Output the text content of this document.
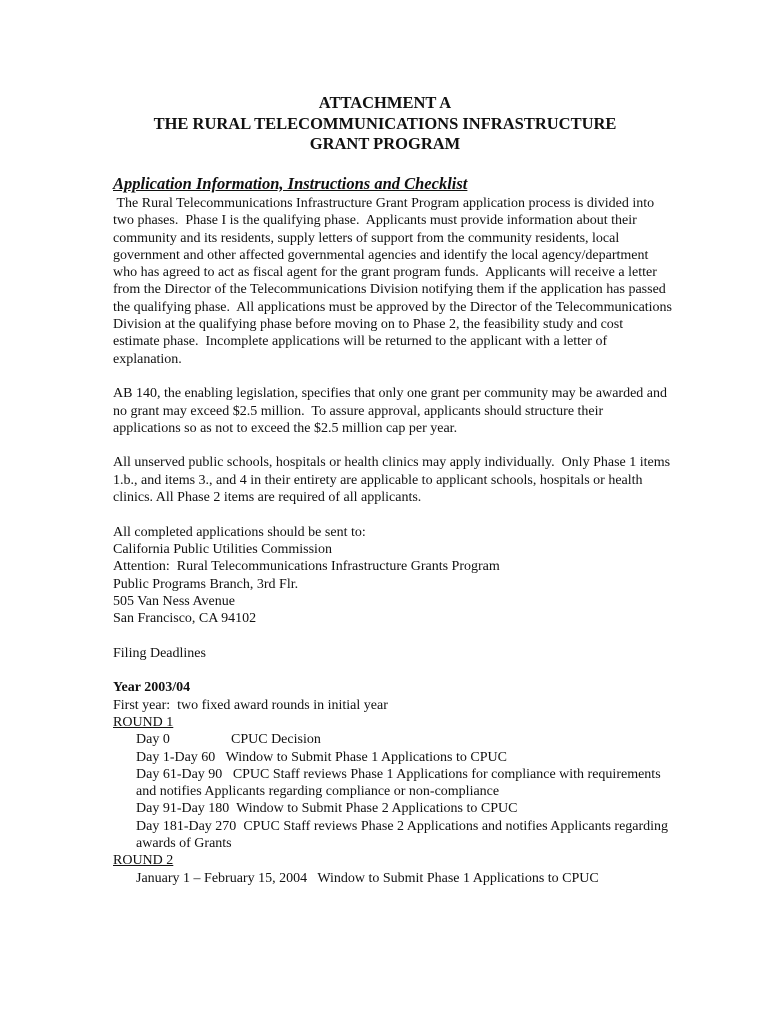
ATTACHMENT A
THE RURAL TELECOMMUNICATIONS INFRASTRUCTURE
GRANT PROGRAM
Application Information, Instructions and Checklist
The Rural Telecommunications Infrastructure Grant Program application process is divided into two phases.  Phase I is the qualifying phase.  Applicants must provide information about their community and its residents, supply letters of support from the community residents, local government and other affected governmental agencies and identify the local agency/department who has agreed to act as fiscal agent for the grant program funds.  Applicants will receive a letter from the Director of the Telecommunications Division notifying them if the application has passed the qualifying phase.  All applications must be approved by the Director of the Telecommunications Division at the qualifying phase before moving on to Phase 2, the feasibility study and cost estimate phase.  Incomplete applications will be returned to the applicant with a letter of explanation.
AB 140, the enabling legislation, specifies that only one grant per community may be awarded and no grant may exceed $2.5 million.  To assure approval, applicants should structure their applications so as not to exceed the $2.5 million cap per year.
All unserved public schools, hospitals or health clinics may apply individually.  Only Phase 1 items 1.b., and items 3., and 4 in their entirety are applicable to applicant schools, hospitals or health clinics. All Phase 2 items are required of all applicants.
All completed applications should be sent to:
California Public Utilities Commission
Attention:  Rural Telecommunications Infrastructure Grants Program
Public Programs Branch, 3rd Flr.
505 Van Ness Avenue
San Francisco, CA 94102
Filing Deadlines
Year 2003/04
First year:  two fixed award rounds in initial year
ROUND 1
Day 0	CPUC Decision
Day 1-Day 60 Window to Submit Phase 1 Applications to CPUC
Day 61-Day 90 CPUC Staff reviews Phase 1 Applications for compliance with requirements and notifies Applicants regarding compliance or non-compliance
Day 91-Day 180 Window to Submit Phase 2 Applications to CPUC
Day 181-Day 270 CPUC Staff reviews Phase 2 Applications and notifies Applicants regarding awards of Grants
ROUND 2
January 1 – February 15, 2004 Window to Submit Phase 1 Applications to CPUC
